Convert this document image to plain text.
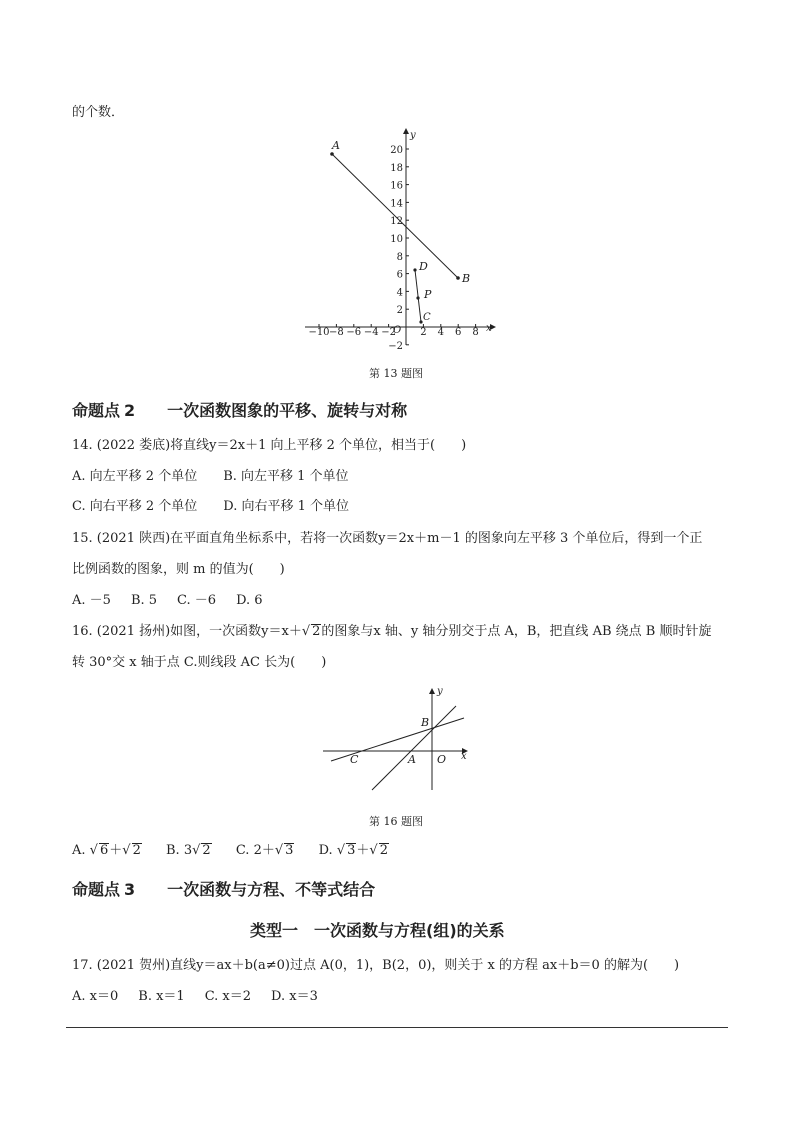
的个数．
A
B
D
P
C
x
y
O
−10 −8 −6 −4 −2 2 4 6 8
20
18
16
14
12
10
8
6
4
2
−2
第 13 题图
命题点 2 一次函数图象的平移、旋转与对称
14. (2022 娄底)将直线y＝2x＋1 向上平移 2 个单位，相当于(　　)
A. 向左平移 2 个单位 B. 向左平移 1 个单位
C. 向右平移 2 个单位 D. 向右平移 1 个单位
15. (2021 陕西)在平面直角坐标系中，若将一次函数y＝2x＋m－1 的图象向左平移 3 个单位后，得到一个正
比例函数的图象，则 m 的值为(　　)
A. －5 B. 5 C. －6 D. 6
16. (2021 扬州)如图，一次函数y＝x＋√ 2的图象与x 轴、y 轴分别交于点 A，B，把直线 AB 绕点 B 顺时针旋
转 30°交 x 轴于点 C.则线段 AC 长为(　　)
B
C	A O x
y
第 16 题图
A. √ 6＋√ 2 B. 3√ 2 C. 2＋√ 3 D. √ 3＋√ 2
命题点 3 一次函数与方程、不等式结合
类型一　一次函数与方程(组)的关系
17. (2021 贺州)直线y＝ax＋b(a≠0)过点 A(0，1)，B(2，0)，则关于 x 的方程 ax＋b＝0 的解为(　　)
A. x＝0 B. x＝1 C. x＝2 D. x＝3
